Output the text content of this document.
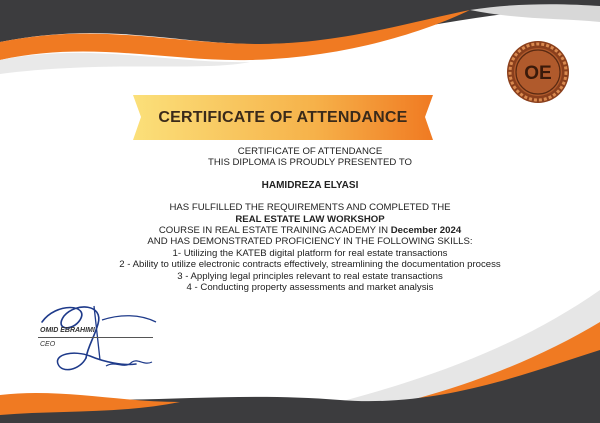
OE
CERTIFICATE OF ATTENDANCE
CERTIFICATE OF ATTENDANCE
THIS DIPLOMA IS PROUDLY PRESENTED TO
HAMIDREZA ELYASI
HAS FULFILLED THE REQUIREMENTS AND COMPLETED THE
REAL ESTATE LAW WORKSHOP
COURSE IN REAL ESTATE TRAINING ACADEMY IN December 2024
AND HAS DEMONSTRATED PROFICIENCY IN THE FOLLOWING SKILLS:
1- Utilizing the KATEB digital platform for real estate transactions
2 - Ability to utilize electronic contracts effectively, streamlining the documentation process
3 - Applying legal principles relevant to real estate transactions
4 - Conducting property assessments and market analysis
OMID EBRAHIMI
CEO
